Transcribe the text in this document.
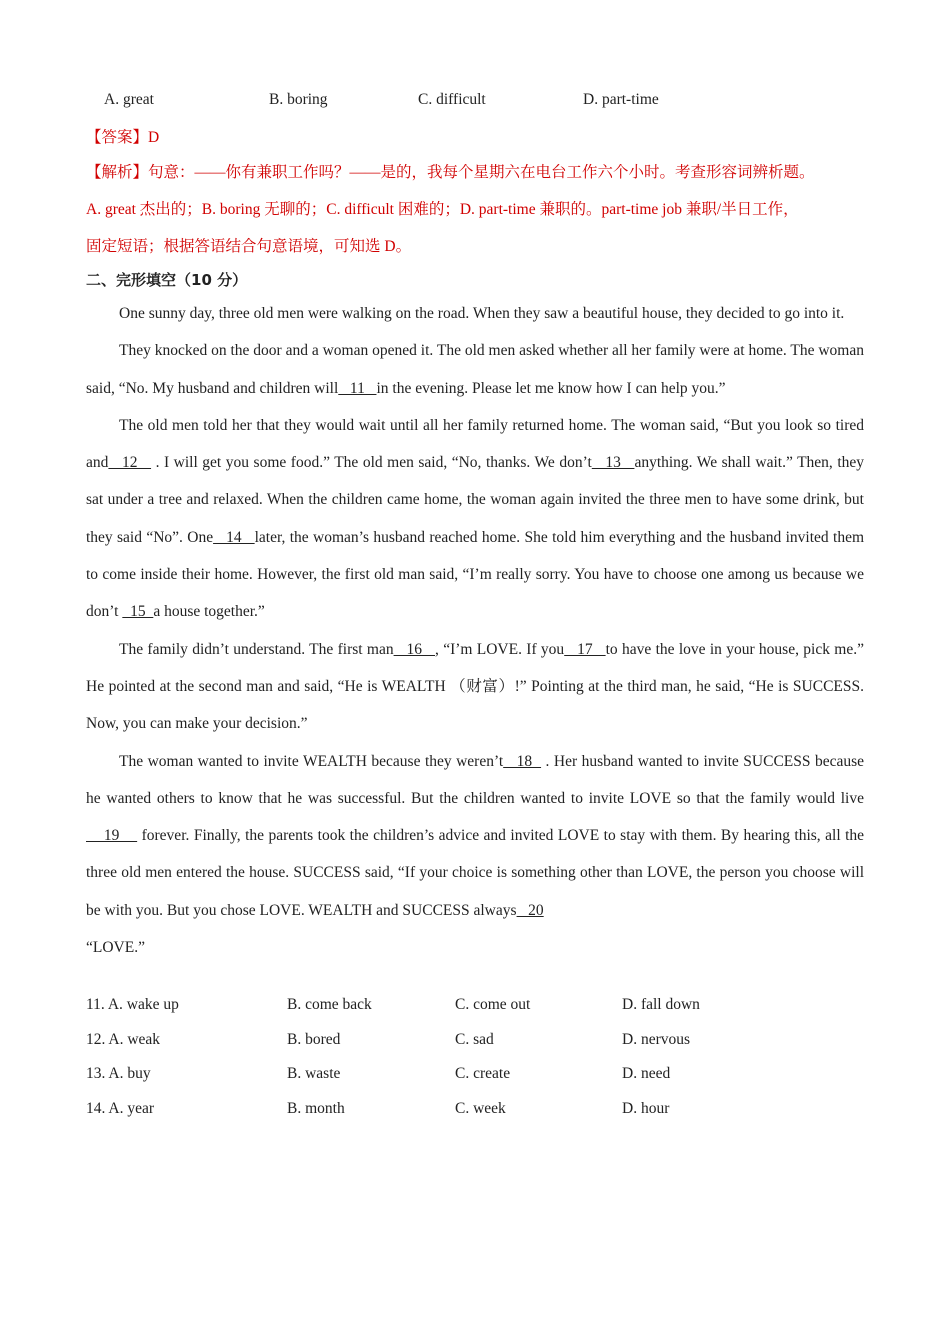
A. great	B. boring	C. difficult	D. part-time
【答案】D
【解析】句意：——你有兼职工作吗？——是的，我每个星期六在电台工作六个小时。考查形容词辨析题。
A. great 杰出的；B. boring 无聊的；C. difficult 困难的；D. part-time 兼职的。part-time job 兼职/半日工作，
固定短语；根据答语结合句意语境，可知选 D。
二、完形填空（10 分）

One sunny day, three old men were walking on the road. When they saw a beautiful house, they decided to go into it.

They knocked on the door and a woman opened it. The old men asked whether all her family were at home. The woman said, “No. My husband and children will   11   in the evening. Please let me know how I can help you.”

The old men told her that they would wait until all her family returned home. The woman said, “But you look so tired and   12    . I will get you some food.” The old men said, “No, thanks. We don’t   13   anything. We shall wait.” Then, they sat under a tree and relaxed. When the children came home, the woman again invited the three men to have some drink, but they said “No”. One   14   later, the woman’s husband reached home. She told him everything and the husband invited them to come inside their home. However, the first old man said, “I’m really sorry. You have to choose one among us because we don’t   15  a house together.”

The family didn’t understand. The first man   16   , “I’m LOVE. If you   17   to have the love in your house, pick me.” He pointed at the second man and said, “He is WEALTH （财富）!” Pointing at the third man, he said, “He is SUCCESS. Now, you can make your decision.”

The woman wanted to invite WEALTH because they weren’t   18   . Her husband wanted to invite SUCCESS because he wanted others to know that he was successful. But the children wanted to invite LOVE so that the family would live     19     forever. Finally, the parents took the children’s advice and invited LOVE to stay with them. By hearing this, all the three old men entered the house. SUCCESS said, “If your choice is something other than LOVE, the person you choose will be with you. But you chose LOVE. WEALTH and SUCCESS always   20

“LOVE.”

11. A. wake up	B. come back	C. come out	D. fall down
12. A. weak	B. bored	C. sad	D. nervous
13. A. buy	B. waste	C. create	D. need
14. A. year	B. month	C. week	D. hour
